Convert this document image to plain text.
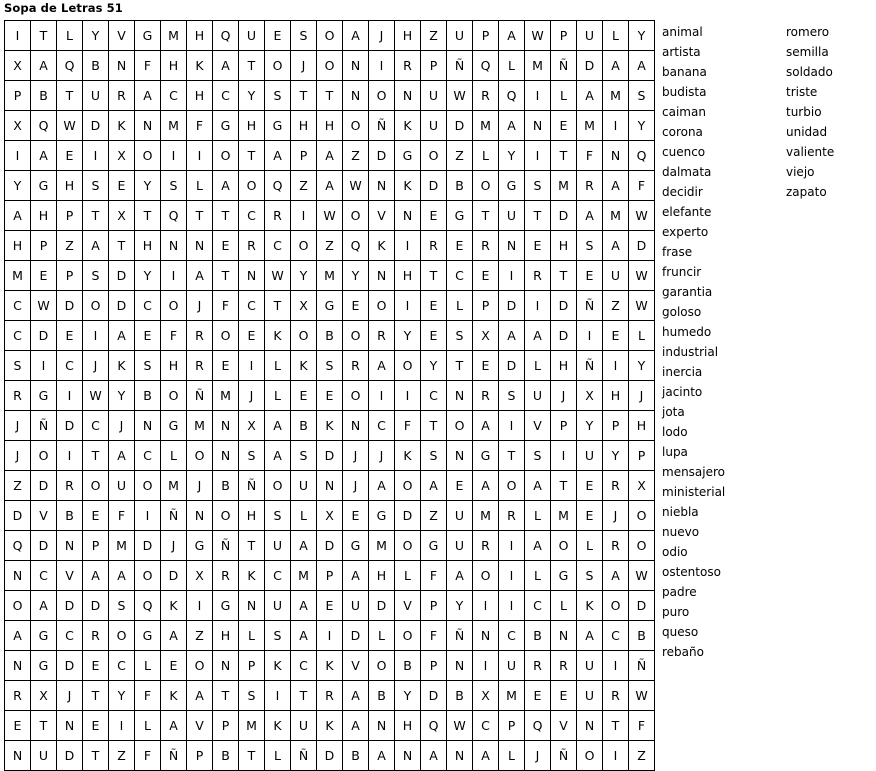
Sopa de Letras 51
I	T	L	Y	V	G	M	H	Q	U	E	S	O	A	J	H	Z	U	P	A	W	P	U	L	Y
X	A	Q	B	N	F	H	K	A	T	O	J	O	N	I	R	P	Ñ	Q	L	M	Ñ	D	A	A
P	B	T	U	R	A	C	H	C	Y	S	T	T	N	O	N	U	W	R	Q	I	L	A	M	S
X	Q	W	D	K	N	M	F	G	H	G	H	H	O	Ñ	K	U	D	M	A	N	E	M	I	Y
I	A	E	I	X	O	I	I	O	T	A	P	A	Z	D	G	O	Z	L	Y	I	T	F	N	Q
Y	G	H	S	E	Y	S	L	A	O	Q	Z	A	W	N	K	D	B	O	G	S	M	R	A	F
A	H	P	T	X	T	Q	T	T	C	R	I	W	O	V	N	E	G	T	U	T	D	A	M	W
H	P	Z	A	T	H	N	N	E	R	C	O	Z	Q	K	I	R	E	R	N	E	H	S	A	D
M	E	P	S	D	Y	I	A	T	N	W	Y	M	Y	N	H	T	C	E	I	R	T	E	U	W
C	W	D	O	D	C	O	J	F	C	T	X	G	E	O	I	E	L	P	D	I	D	Ñ	Z	W
C	D	E	I	A	E	F	R	O	E	K	O	B	O	R	Y	E	S	X	A	A	D	I	E	L
S	I	C	J	K	S	H	R	E	I	L	K	S	R	A	O	Y	T	E	D	L	H	Ñ	I	Y
R	G	I	W	Y	B	O	Ñ	M	J	L	E	E	O	I	I	C	N	R	S	U	J	X	H	J
J	Ñ	D	C	J	N	G	M	N	X	A	B	K	N	C	F	T	O	A	I	V	P	Y	P	H
J	O	I	T	A	C	L	O	N	S	A	S	D	J	J	K	S	N	G	T	S	I	U	Y	P
Z	D	R	O	U	O	M	J	B	Ñ	O	U	N	J	A	O	A	E	A	O	A	T	E	R	X
D	V	B	E	F	I	Ñ	N	O	H	S	L	X	E	G	D	Z	U	M	R	L	M	E	J	O
Q	D	N	P	M	D	J	G	Ñ	T	U	A	D	G	M	O	G	U	R	I	A	O	L	R	O
N	C	V	A	A	O	D	X	R	K	C	M	P	A	H	L	F	A	O	I	L	G	S	A	W
O	A	D	D	S	Q	K	I	G	N	U	A	E	U	D	V	P	Y	I	I	C	L	K	O	D
A	G	C	R	O	G	A	Z	H	L	S	A	I	D	L	O	F	Ñ	N	C	B	N	A	C	B
N	G	D	E	C	L	E	O	N	P	K	C	K	V	O	B	P	N	I	U	R	R	U	I	Ñ
R	X	J	T	Y	F	K	A	T	S	I	T	R	A	B	Y	D	B	X	M	E	E	U	R	W
E	T	N	E	I	L	A	V	P	M	K	U	K	A	N	H	Q	W	C	P	Q	V	N	T	F
N	U	D	T	Z	F	Ñ	P	B	T	L	Ñ	D	B	A	N	A	N	A	L	J	Ñ	O	I	Z
animal
artista
banana
budista
caiman
corona
cuenco
dalmata
decidir
elefante
experto
frase
fruncir
garantia
goloso
humedo
industrial
inercia
jacinto
jota
lodo
lupa
mensajero
ministerial
niebla
nuevo
odio
ostentoso
padre
puro
queso
rebaño
romero
semilla
soldado
triste
turbio
unidad
valiente
viejo
zapato
